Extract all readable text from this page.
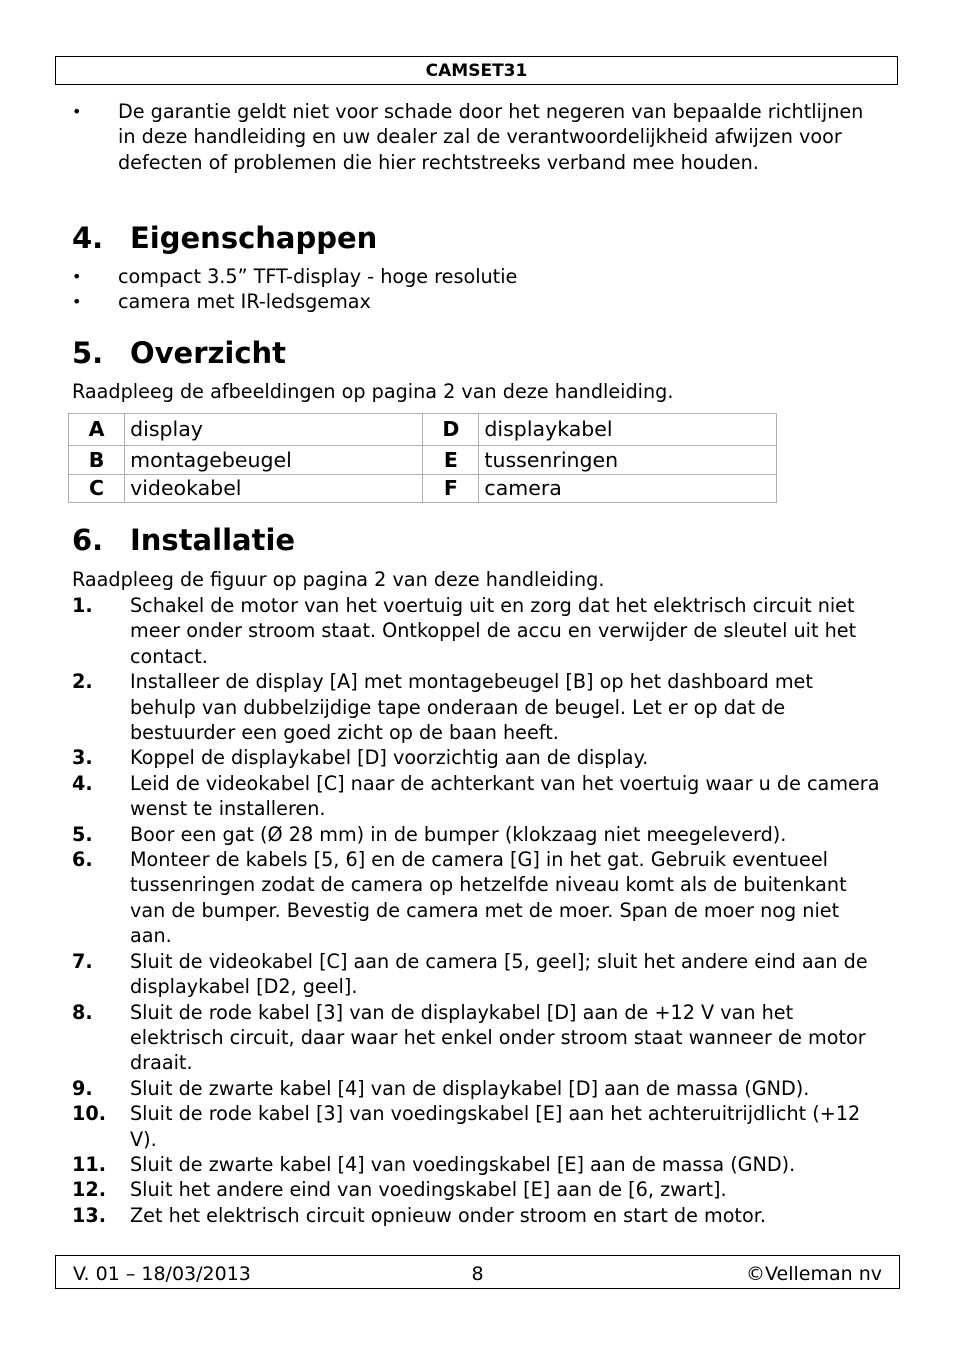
CAMSET31
• De garantie geldt niet voor schade door het negeren van bepaalde richtlijnen in deze handleiding en uw dealer zal de verantwoordelijkheid afwijzen voor defecten of problemen die hier rechtstreeks verband mee houden.
4. Eigenschappen
• compact 3.5” TFT-display - hoge resolutie
• camera met IR-ledsgemax
5. Overzicht

Raadpleeg de afbeeldingen op pagina 2 van deze handleiding.

A	display	D	displaykabel
B	montagebeugel	E	tussenringen
C	videokabel	F	camera
6. Installatie

Raadpleeg de figuur op pagina 2 van deze handleiding.

1. Schakel de motor van het voertuig uit en zorg dat het elektrisch circuit niet meer onder stroom staat. Ontkoppel de accu en verwijder de sleutel uit het contact.
2. Installeer de display [A] met montagebeugel [B] op het dashboard met behulp van dubbelzijdige tape onderaan de beugel. Let er op dat de bestuurder een goed zicht op de baan heeft.
3. Koppel de displaykabel [D] voorzichtig aan de display.
4. Leid de videokabel [C] naar de achterkant van het voertuig waar u de camera wenst te installeren.
5. Boor een gat (Ø 28 mm) in de bumper (klokzaag niet meegeleverd).
6. Monteer de kabels [5, 6] en de camera [G] in het gat. Gebruik eventueel tussenringen zodat de camera op hetzelfde niveau komt als de buitenkant van de bumper. Bevestig de camera met de moer. Span de moer nog niet aan.
7. Sluit de videokabel [C] aan de camera [5, geel]; sluit het andere eind aan de displaykabel [D2, geel].
8. Sluit de rode kabel [3] van de displaykabel [D] aan de +12 V van het elektrisch circuit, daar waar het enkel onder stroom staat wanneer de motor draait.
9. Sluit de zwarte kabel [4] van de displaykabel [D] aan de massa (GND).
10. Sluit de rode kabel [3] van voedingskabel [E] aan het achteruitrijdlicht (+12 V).
11. Sluit de zwarte kabel [4] van voedingskabel [E] aan de massa (GND).
12. Sluit het andere eind van voedingskabel [E] aan de [6, zwart].
13. Zet het elektrisch circuit opnieuw onder stroom en start de motor.
V. 01 – 18/03/2013	8	©Velleman nv
